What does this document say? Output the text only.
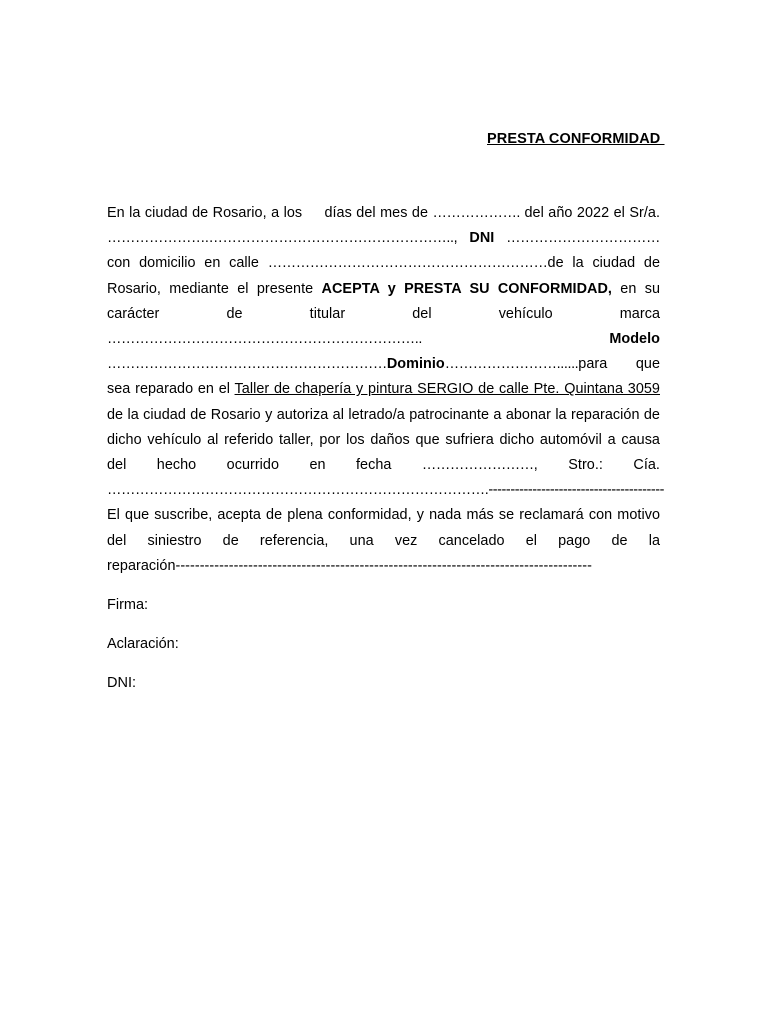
PRESTA CONFORMIDAD

En la ciudad de Rosario, a los     días del mes de ………………. del año 2022 el Sr/a. ………………….…………………………………………….., DNI …………………………… con domicilio en calle ……………………………………………………de la ciudad de Rosario, mediante el presente ACEPTA y PRESTA SU CONFORMIDAD, en su carácter de titular del vehículo marca …………………………………………………………..	Modelo ……………………………………………………Dominio……………………......para que sea reparado en el Taller de chapería y pintura SERGIO de calle Pte. Quintana 3059 de la ciudad de Rosario y autoriza al letrado/a patrocinante a abonar la reparación de dicho vehículo al referido taller, por los daños que sufriera dicho automóvil a causa del hecho ocurrido en fecha ……………………, Stro.: Cía. ……………………………………………………………………….----------------------------------------

El que suscribe, acepta de plena conformidad, y nada más se reclamará con motivo del siniestro de referencia, una vez cancelado el pago de la reparación--------------------------------------------------------------------------------------

Firma:
Aclaración:
DNI:
